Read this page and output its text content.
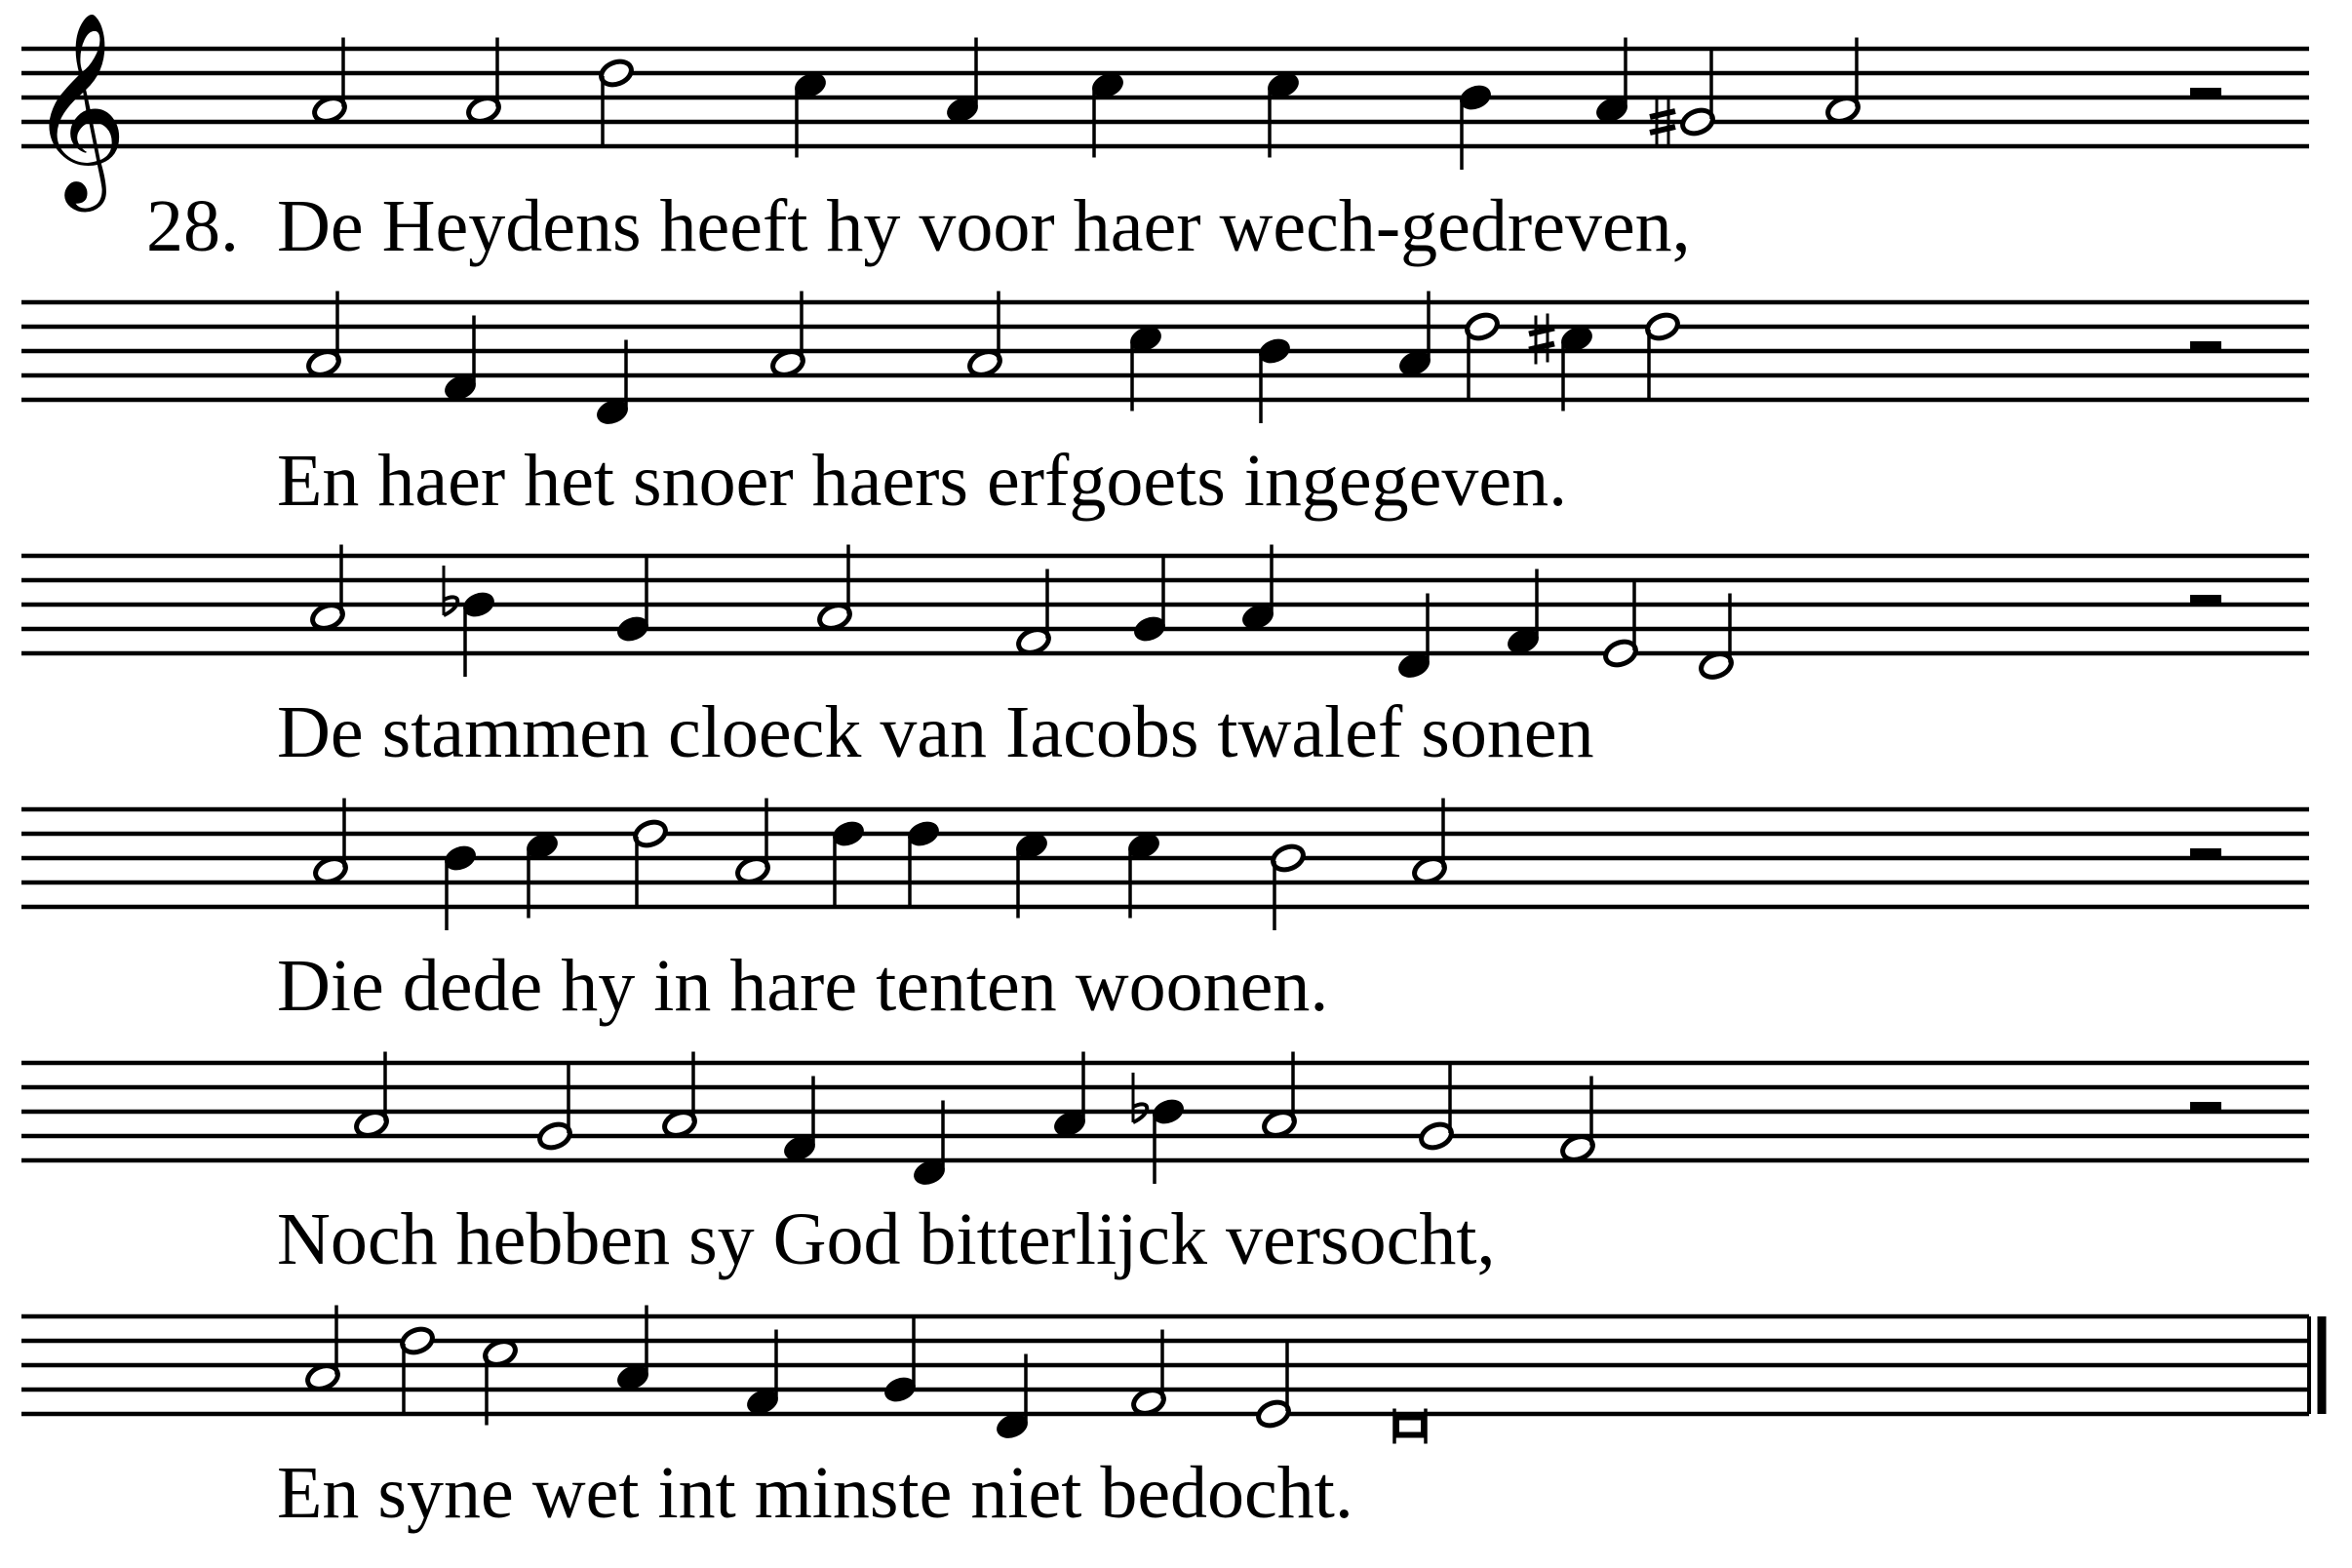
𝄞
28. De Heydens heeft hy voor haer wech-gedreven,
En haer het snoer haers erfgoets ingegeven.
De stammen cloeck van Iacobs twalef sonen
Die dede hy in hare tenten woonen.
Noch hebben sy God bitterlijck versocht,
En syne wet int minste niet bedocht.
